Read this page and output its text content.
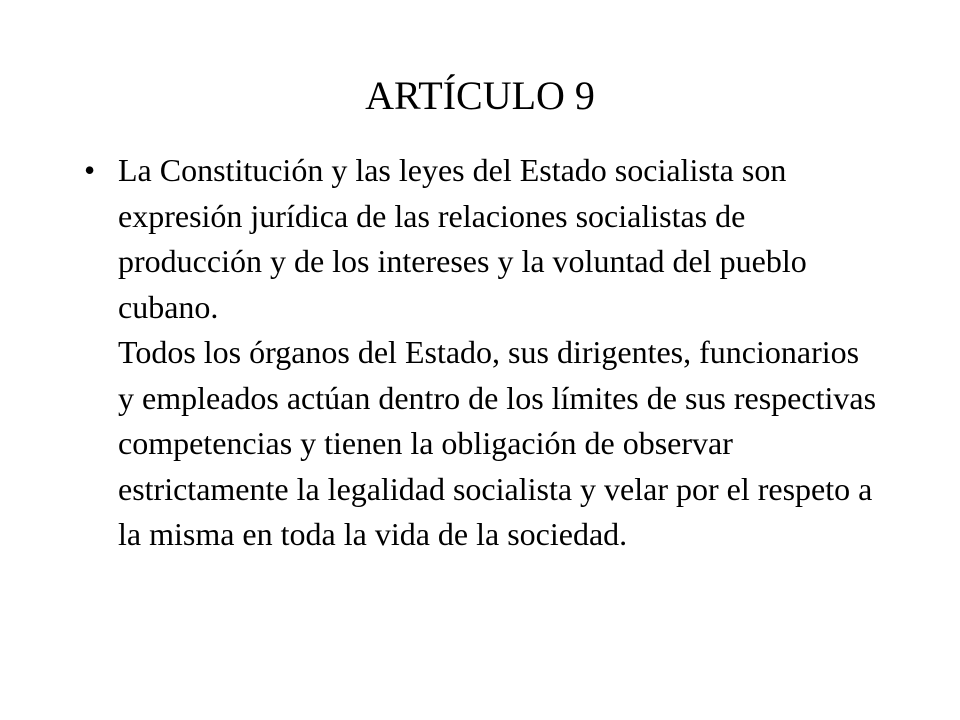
ARTÍCULO 9
• La Constitución y las leyes del Estado socialista son expresión jurídica de las relaciones socialistas de producción y de los intereses y la voluntad del pueblo cubano.
Todos los órganos del Estado, sus dirigentes, funcionarios y empleados actúan dentro de los límites de sus respectivas competencias y tienen la obligación de observar estrictamente la legalidad socialista y velar por el respeto a la misma en toda la vida de la sociedad.
